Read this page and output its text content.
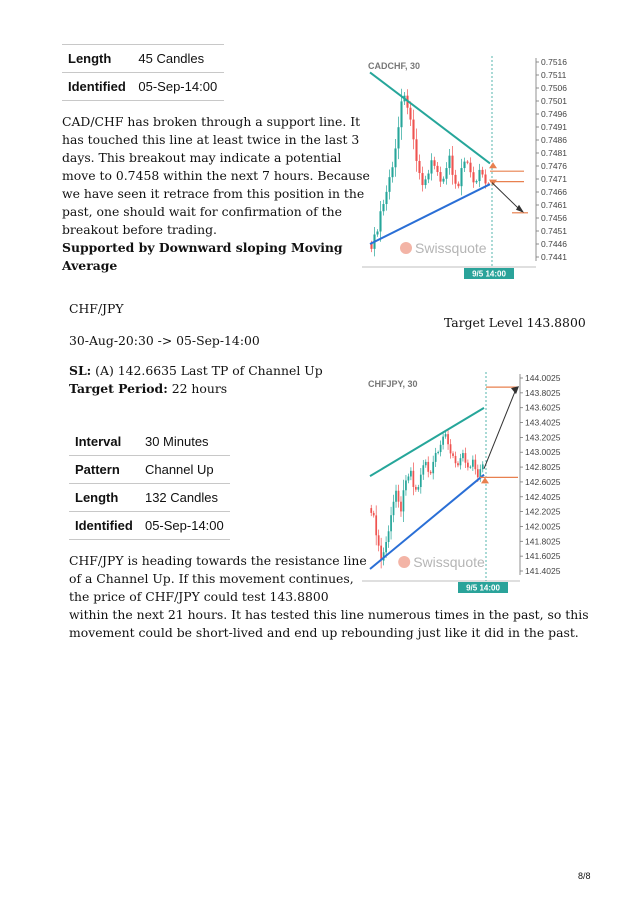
Length	45 Candles
Identified	05-Sep-14:00
CAD/CHF has broken through a support line. It
has touched this line at least twice in the last 3
days. This breakout may indicate a potential
move to 0.7458 within the next 7 hours. Because
we have seen it retrace from this position in the
past, one should wait for confirmation of the
breakout before trading.
Supported by Downward sloping Moving
Average
0.7516
0.7511
0.7506
0.7501
0.7496
0.7491
0.7486
0.7481
0.7476
0.7471
0.7466
0.7461
0.7456
0.7451
0.7446
0.7441
CADCHF, 30
Swissquote
9/5 14:00
CHF/JPY
Target Level 143.8800
30-Aug-20:30 -> 05-Sep-14:00
SL: (A) 142.6635 Last TP of Channel Up
Target Period: 22 hours
Interval	30 Minutes
Pattern	Channel Up
Length	132 Candles
Identified	05-Sep-14:00
144.0025
143.8025
143.6025
143.4025
143.2025
143.0025
142.8025
142.6025
142.4025
142.2025
142.0025
141.8025
141.6025
141.4025
CHFJPY, 30
Swissquote
9/5 14:00
CHF/JPY is heading towards the resistance line
of a Channel Up. If this movement continues,
the price of CHF/JPY could test 143.8800
within the next 21 hours. It has tested this line numerous times in the past, so this
movement could be short-lived and end up rebounding just like it did in the past.
8/8
